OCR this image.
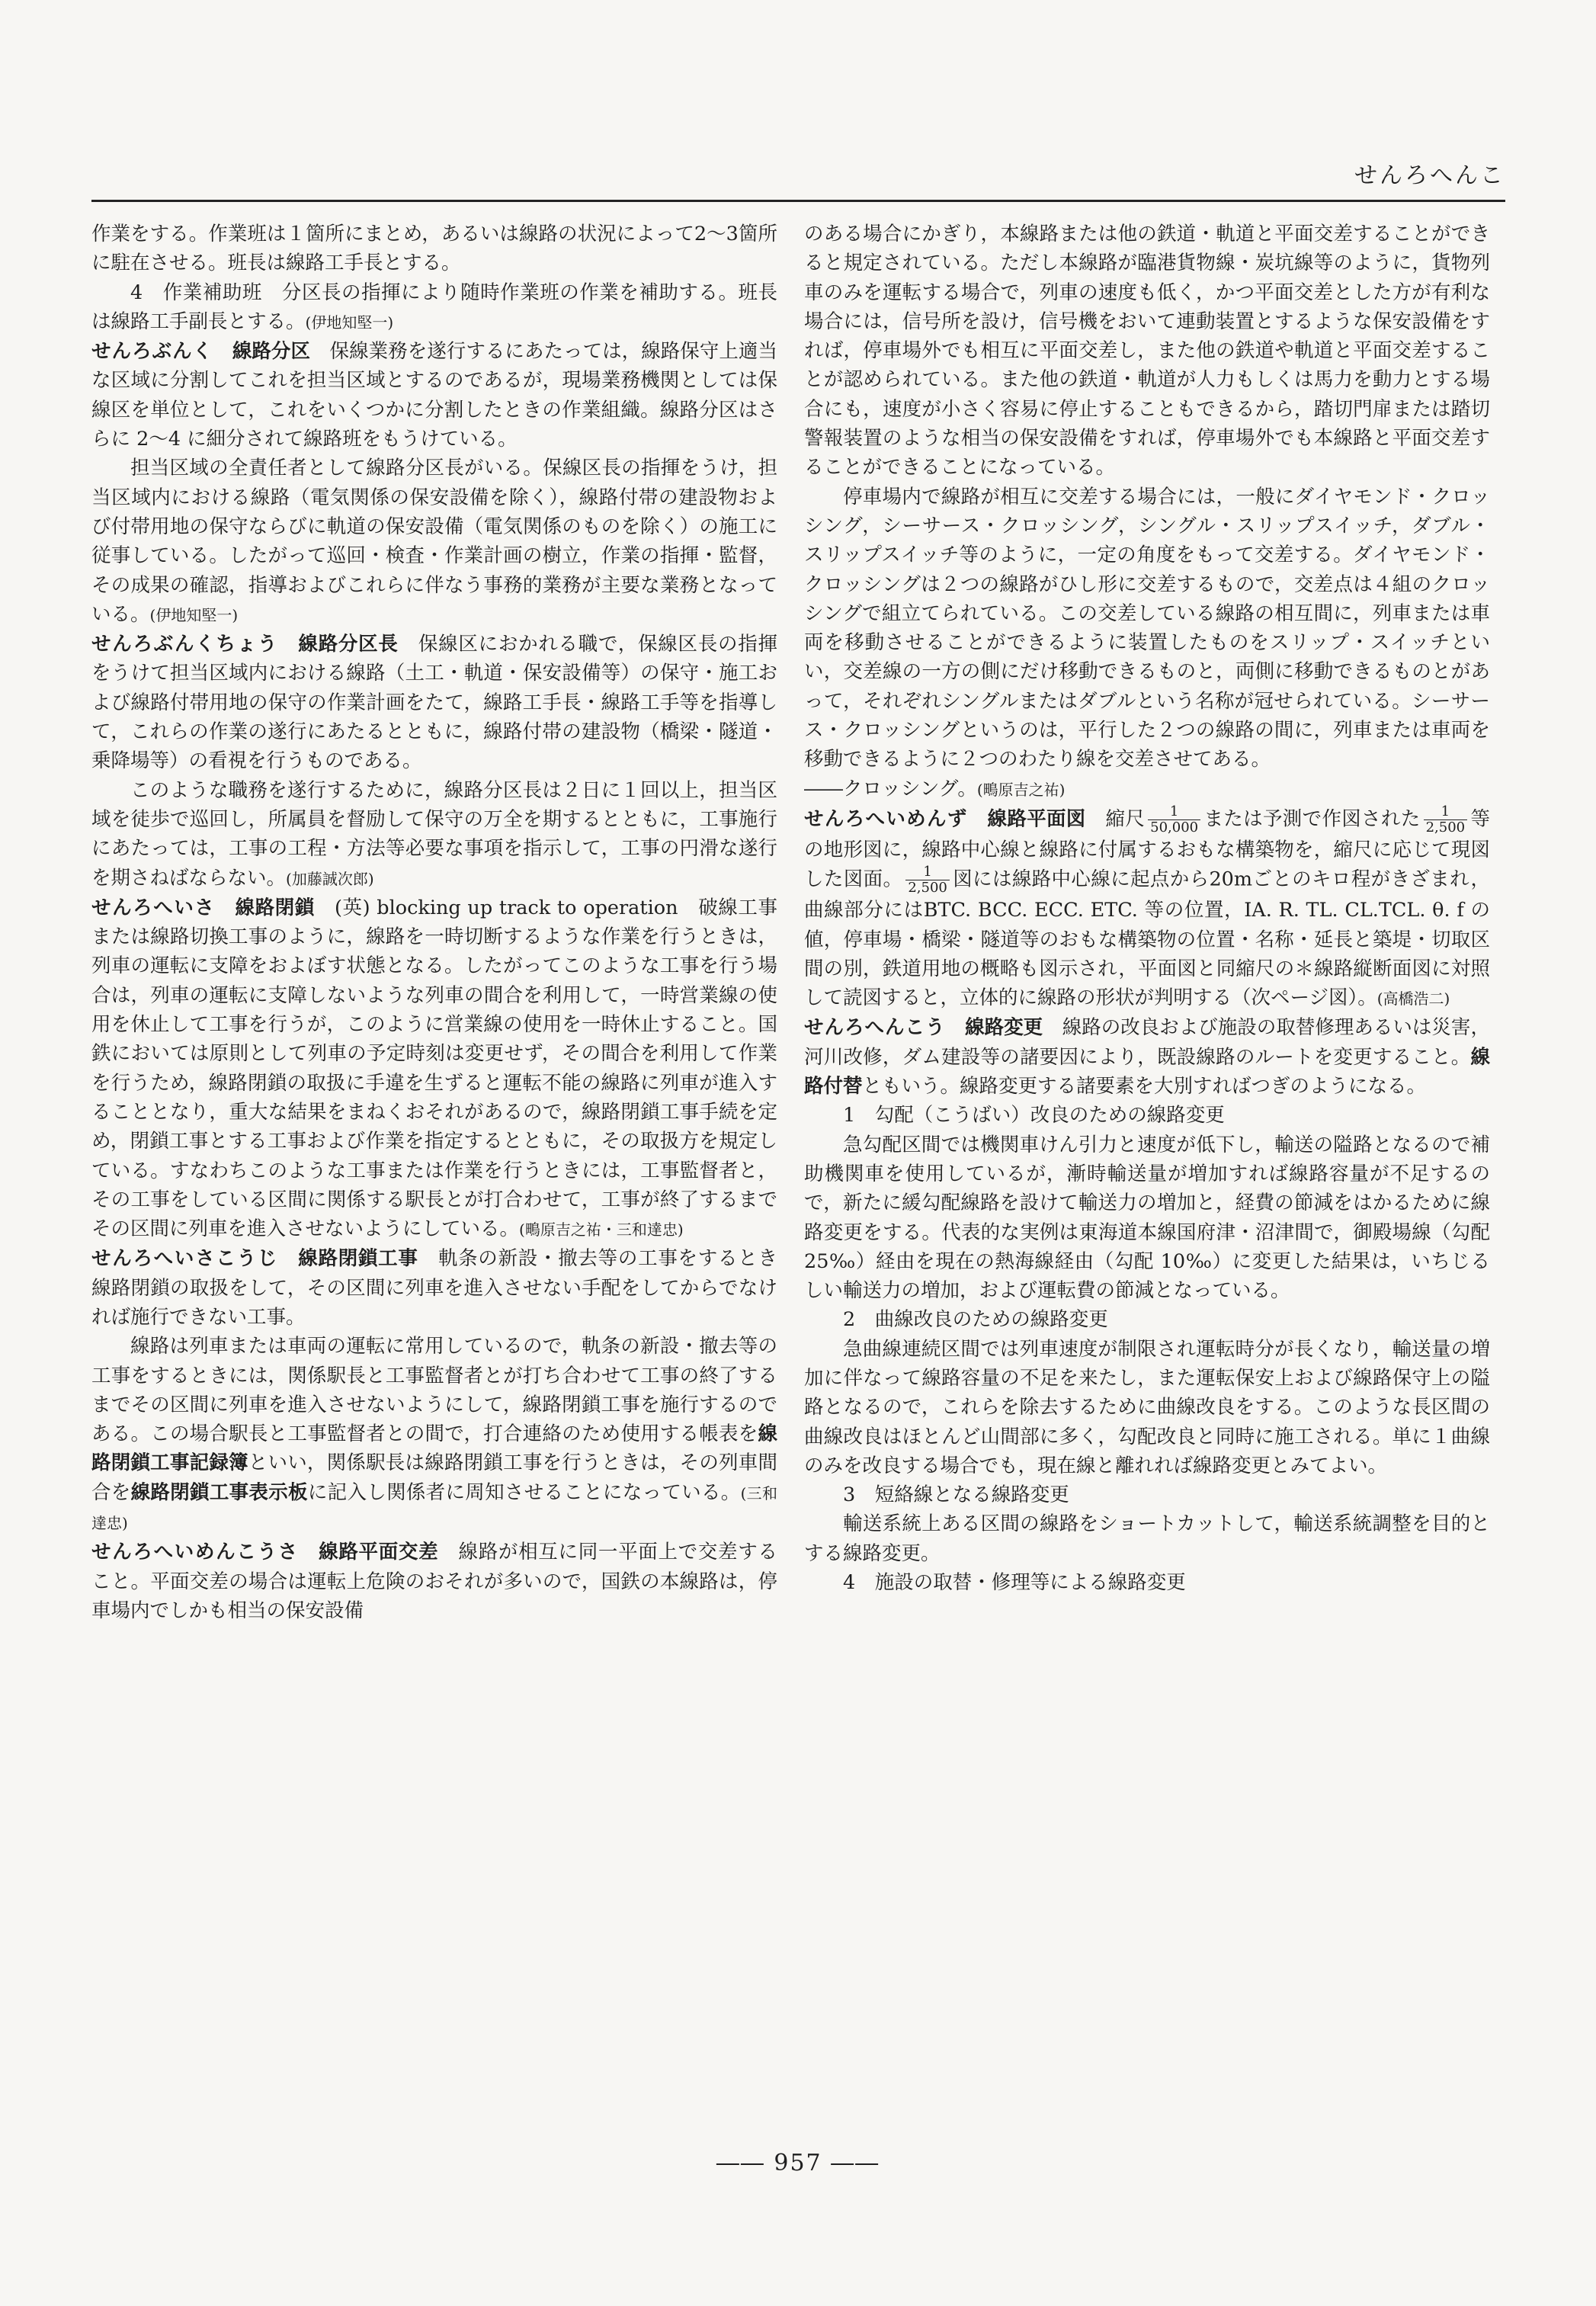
せんろへんこ

作業をする。作業班は１箇所にまとめ，あるいは線路の状況によって2～3箇所に駐在させる。班長は線路工手長とする。

4　作業補助班　分区長の指揮により随時作業班の作業を補助する。班長は線路工手副長とする。(伊地知堅一)

せんろぶんく　 線路分区　 保線業務を遂行するにあたっては，線路保守上適当な区域に分割してこれを担当区域とするのであるが，現場業務機関としては保線区を単位として，これをいくつかに分割したときの作業組織。線路分区はさらに 2～4 に細分されて線路班をもうけている。

担当区域の全責任者として線路分区長がいる。保線区長の指揮をうけ，担当区域内における線路（電気関係の保安設備を除く），線路付帯の建設物および付帯用地の保守ならびに軌道の保安設備（電気関係のものを除く）の施工に従事している。したがって巡回・検査・作業計画の樹立，作業の指揮・監督，その成果の確認，指導およびこれらに伴なう事務的業務が主要な業務となっている。(伊地知堅一)

せんろぶんくちょう　 線路分区長　 保線区におかれる職で，保線区長の指揮をうけて担当区域内における線路（土工・軌道・保安設備等）の保守・施工および線路付帯用地の保守の作業計画をたて，線路工手長・線路工手等を指導して，これらの作業の遂行にあたるとともに，線路付帯の建設物（橋梁・隧道・乗降場等）の看視を行うものである。

このような職務を遂行するために，線路分区長は２日に１回以上，担当区域を徒歩で巡回し，所属員を督励して保守の万全を期するとともに，工事施行にあたっては，工事の工程・方法等必要な事項を指示して，工事の円滑な遂行を期さねばならない。(加藤誠次郎)

せんろへいさ　 線路閉鎖　 (英) blocking up track to operation　破線工事または線路切換工事のように，線路を一時切断するような作業を行うときは，列車の運転に支障をおよぼす状態となる。したがってこのような工事を行う場合は，列車の運転に支障しないような列車の間合を利用して，一時営業線の使用を休止して工事を行うが，このように営業線の使用を一時休止すること。国鉄においては原則として列車の予定時刻は変更せず，その間合を利用して作業を行うため，線路閉鎖の取扱に手違を生ずると運転不能の線路に列車が進入することとなり，重大な結果をまねくおそれがあるので，線路閉鎖工事手続を定め，閉鎖工事とする工事および作業を指定するとともに，その取扱方を規定している。すなわちこのような工事または作業を行うときには，工事監督者と，その工事をしている区間に関係する駅長とが打合わせて，工事が終了するまでその区間に列車を進入させないようにしている。(鴫原吉之祐・三和達忠)

せんろへいさこうじ　 線路閉鎖工事　 軌条の新設・撤去等の工事をするとき線路閉鎖の取扱をして，その区間に列車を進入させない手配をしてからでなければ施行できない工事。

線路は列車または車両の運転に常用しているので，軌条の新設・撤去等の工事をするときには，関係駅長と工事監督者とが打ち合わせて工事の終了するまでその区間に列車を進入させないようにして，線路閉鎖工事を施行するのである。この場合駅長と工事監督者との間で，打合連絡のため使用する帳表を線路閉鎖工事記録簿といい，関係駅長は線路閉鎖工事を行うときは，その列車間合を線路閉鎖工事表示板に記入し関係者に周知させることになっている。(三和達忠)

せんろへいめんこうさ　 線路平面交差　 線路が相互に同一平面上で交差すること。平面交差の場合は運転上危険のおそれが多いので，国鉄の本線路は，停車場内でしかも相当の保安設備

のある場合にかぎり，本線路または他の鉄道・軌道と平面交差することができると規定されている。ただし本線路が臨港貨物線・炭坑線等のように，貨物列車のみを運転する場合で，列車の速度も低く，かつ平面交差とした方が有利な場合には，信号所を設け，信号機をおいて連動装置とするような保安設備をすれば，停車場外でも相互に平面交差し，また他の鉄道や軌道と平面交差することが認められている。また他の鉄道・軌道が人力もしくは馬力を動力とする場合にも，速度が小さく容易に停止することもできるから，踏切門扉または踏切警報装置のような相当の保安設備をすれば，停車場外でも本線路と平面交差することができることになっている。

停車場内で線路が相互に交差する場合には，一般にダイヤモンド・クロッシング，シーサース・クロッシング，シングル・スリップスイッチ，ダブル・スリップスイッチ等のように，一定の角度をもって交差する。ダイヤモンド・クロッシングは２つの線路がひし形に交差するもので，交差点は４組のクロッシングで組立てられている。この交差している線路の相互間に，列車または車両を移動させることができるように装置したものをスリップ・スイッチといい，交差線の一方の側にだけ移動できるものと，両側に移動できるものとがあって，それぞれシングルまたはダブルという名称が冠せられている。シーサース・クロッシングというのは，平行した２つの線路の間に，列車または車両を移動できるように２つのわたり線を交差させてある。
――クロッシング。(鴫原吉之祐)

せんろへいめんず　 線路平面図　 縮尺 $\frac{1}{50,000}$ または予測で作図された $\frac{1}{2,500}$ 等の地形図に，線路中心線と線路に付属するおもな構築物を，縮尺に応じて現図した図面。 $\frac{1}{2,500}$ 図には線路中心線に起点から20mごとのキロ程がきざまれ，曲線部分にはBTC. BCC. ECC. ETC. 等の位置，IA. R. TL. CL.TCL. θ. f の値，停車場・橋梁・隧道等のおもな構築物の位置・名称・延長と築堤・切取区間の別，鉄道用地の概略も図示され，平面図と同縮尺の＊線路縦断面図に対照して読図すると，立体的に線路の形状が判明する（次ページ図）。(高橋浩二)

せんろへんこう　 線路変更　 線路の改良および施設の取替修理あるいは災害，河川改修，ダム建設等の諸要因により，既設線路のルートを変更すること。線路付替ともいう。線路変更する諸要素を大別すればつぎのようになる。

1　勾配（こうばい）改良のための線路変更

急勾配区間では機関車けん引力と速度が低下し，輸送の隘路となるので補助機関車を使用しているが，漸時輸送量が増加すれば線路容量が不足するので，新たに緩勾配線路を設けて輸送力の増加と，経費の節減をはかるために線路変更をする。代表的な実例は東海道本線国府津・沼津間で，御殿場線（勾配 25‰）経由を現在の熱海線経由（勾配 10‰）に変更した結果は，いちじるしい輸送力の増加，および運転費の節減となっている。

2　曲線改良のための線路変更

急曲線連続区間では列車速度が制限され運転時分が長くなり，輸送量の増加に伴なって線路容量の不足を来たし，また運転保安上および線路保守上の隘路となるので，これらを除去するために曲線改良をする。このような長区間の曲線改良はほとんど山間部に多く，勾配改良と同時に施工される。単に１曲線のみを改良する場合でも，現在線と離れれば線路変更とみてよい。

3　短絡線となる線路変更

輸送系統上ある区間の線路をショートカットして，輸送系統調整を目的とする線路変更。

4　施設の取替・修理等による線路変更

―― 957 ――
